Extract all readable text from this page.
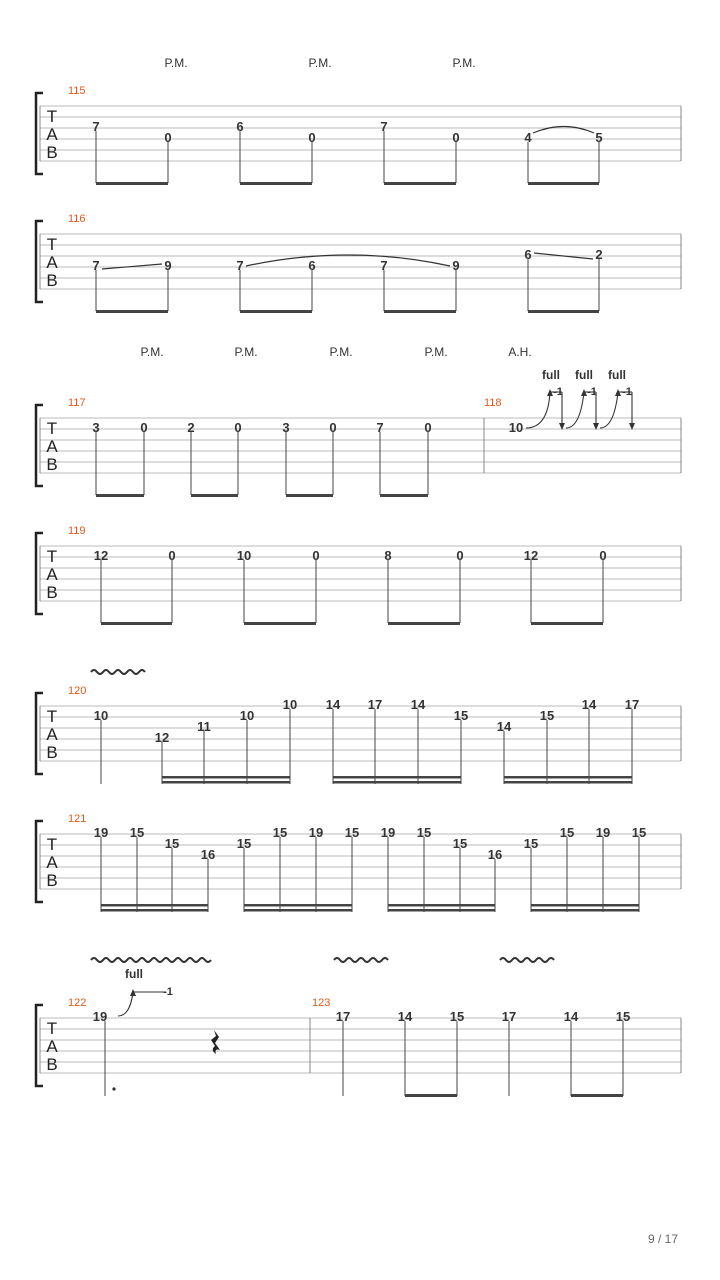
P.M.	P.M.	P.M.
T
A
B
115
7
0
6
0
7
0	4	5
T
A
B
116
7	9	7	6	7	9
6	2
P.M.	P.M.	P.M.	P.M.	A.H.
T
A
B
117	118
3	0	2	0	3	0	7	0	10
full full full
-1 -1 -1
T
A
B
119
12	0	10	0	8	0	12	0
T
A
B
120
10
12
11
10
10 14 17 14
15
14
15
14 17
T
A
B
121
19 15
15
16
15
15 19 15 19 15
15
16
15
15 19 15
T
A
B
122	123
19
full
-1
17	14	15	17	14	15
9 / 17
